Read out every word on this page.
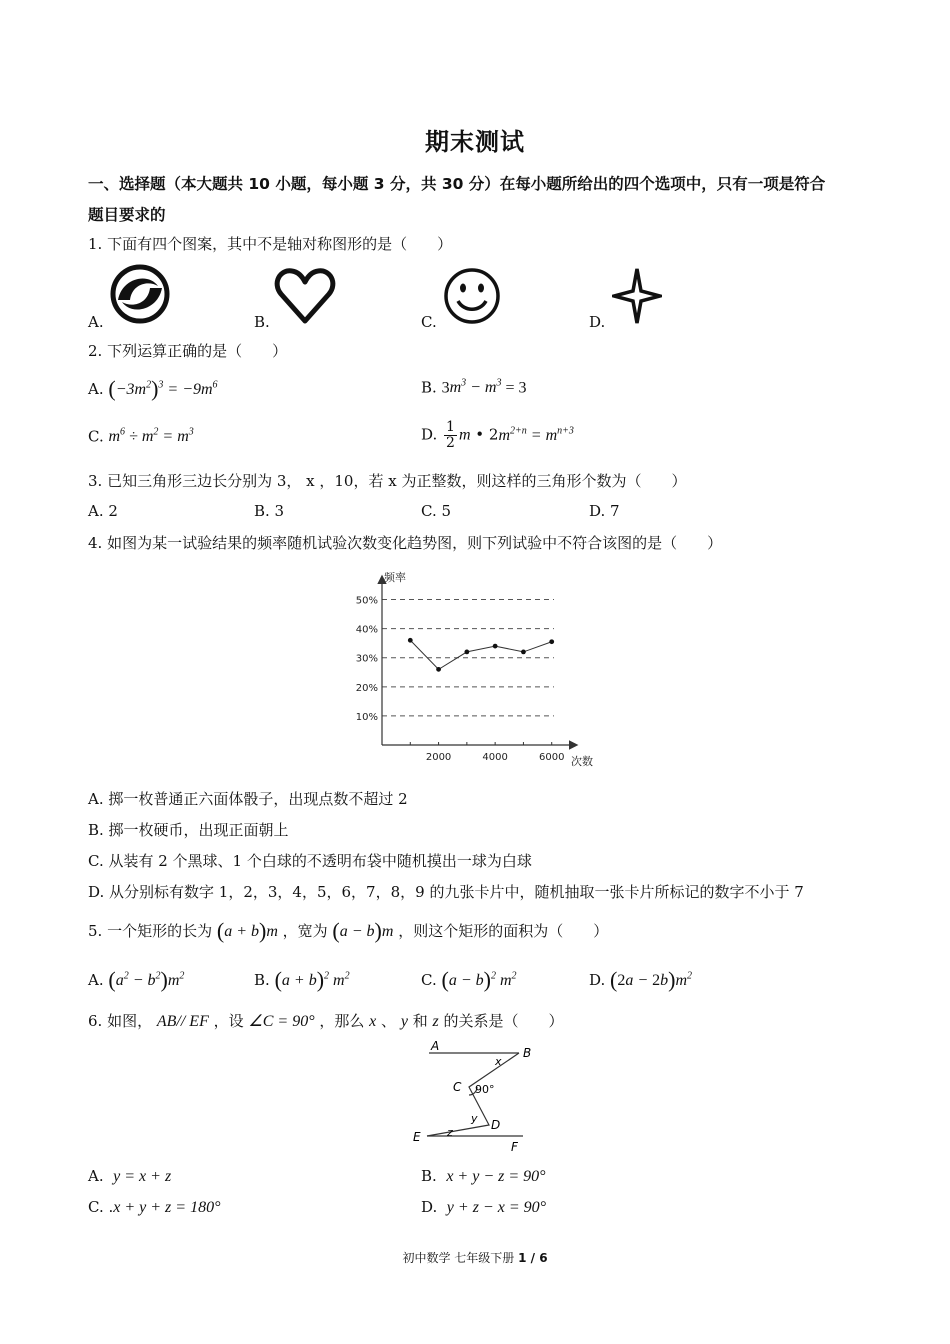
期末测试
一、选择题（本大题共 10 小题，每小题 3 分，共 30 分）在每小题所给出的四个选项中，只有一项是符合
题目要求的
1. 下面有四个图案，其中不是轴对称图形的是（　　）
A.	B.	C.	D.
2. 下列运算正确的是（　　）
A. $(-3m^2)^3 = -9m^6$	B. $3m^3 - m^3 = 3$
C. $m^6 \div m^2 = m^3$	D. $\frac{1}{2}$ m • $2m^{2+n} = m^{n+3}$
3. 已知三角形三边长分别为 3， x ，10，若 x 为正整数，则这样的三角形个数为（　　）
A. 2	B. 3	C. 5	D. 7
4. 如图为某一试验结果的频率随机试验次数变化趋势图，则下列试验中不符合该图的是（　　）
频率
次数
10%
20%
30%
40%
50%
2000	4000	6000
A. 掷一枚普通正六面体骰子，出现点数不超过 2
B. 掷一枚硬币，出现正面朝上
C. 从装有 2 个黑球、1 个白球的不透明布袋中随机摸出一球为白球
D. 从分别标有数字 1，2，3，4，5，6，7，8，9 的九张卡片中，随机抽取一张卡片所标记的数字不小于 7
5. 一个矩形的长为 (a + b)m ，宽为 (a − b)m ，则这个矩形的面积为（　　）
A. $(a^2 - b^2)m^2$	B. $(a + b)^2$ $m^2$	C. $(a - b)^2$ $m^2$	D. $(2a - 2b)m^2$
6. 如图， AB// EF ，设 ∠C = 90° ，那么 x 、 y 和 z 的关系是（　　）
A	B
x
C 90°
y D
E z
F
A.  y = x + z	B.  x + y − z = 90°
C. .x + y + z = 180°	D.  y + z − x = 90°
初中数学 七年级下册 1 / 6
